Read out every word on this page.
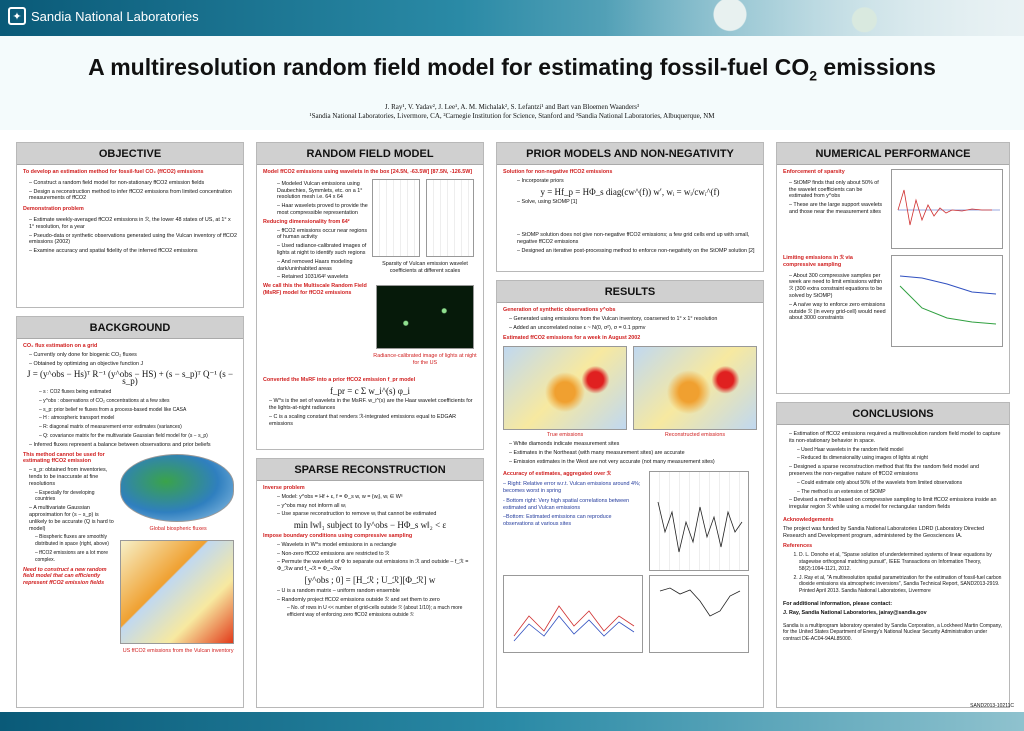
✦ Sandia National Laboratories
A multiresolution random field model for estimating fossil-fuel $CO_2$ emissions
J. Ray¹, V. Yadav², J. Lee¹, A. M. Michalak², S. Lefantzi¹ and Bart van Bloemen Waanders³
¹Sandia National Laboratories, Livermore, CA, ²Carnegie Institution for Science, Stanford and ³Sandia National Laboratories, Albuquerque, NM
OBJECTIVE
To develop an estimation method for fossil-fuel CO₂ (ffCO2) emissions
– Construct a random field model for non-stationary ffCO2 emission fields
– Design a reconstruction method to infer ffCO2 emissions from limited concentration measurements of ffCO2
Demonstration problem
– Estimate weekly-averaged ffCO2 emissions in ℛ, the lower 48 states of US, at 1° x 1° resolution, for a year
– Pseudo-data or synthetic observations generated using the Vulcan inventory of ffCO2 emissions (2002)
– Examine accuracy and spatial fidelity of the inferred ffCO2 emissions
BACKGROUND
CO₂ flux estimation on a grid
– Currently only done for biogenic CO₂ fluxes
– Obtained by optimizing an objective function J
J = (y^obs − Hs)ᵀ R⁻¹ (y^obs − HS) + (s − s_p)ᵀ Q⁻¹ (s − s_p)
– s : CO2 fluxes being estimated
– y^obs : observations of CO₂ concentrations at a few sites
– s_p: prior belief re fluxes from a process-based model like CASA
– H : atmospheric transport model
– R: diagonal matrix of measurement error estimates (variances)
– Q: covariance matrix for the multivariate Gaussian field model for (s − s_p)
– Inferred fluxes represent a balance between observations and prior beliefs
This method cannot be used for estimating ffCO2 emission
– s_p: obtained from inventories, tends to be inaccurate at fine resolutions
– Especially for developing countries
– A multivariate Gaussian approximation for (s − s_p) is unlikely to be accurate (Q is hard to model)
– Biospheric fluxes are smoothly distributed in space (right, above)
– ffCO2 emissions are a lot more complex.
Need to construct a new random field model that can efficiently represent ffCO2 emission fields
Global biospheric fluxes
US ffCO2 emissions from the Vulcan inventory
RANDOM FIELD MODEL
Model ffCO2 emissions using wavelets in the box [24.5N, -63.5W] [87.5N, -126.5W]
– Modeled Vulcan emissions using Daubechies, Symmlets, etc. on a 1° resolution mesh i.e. 64 x 64
– Haar wavelets proved to provide the most compressible representation
Reducing dimensionality from 64²
– ffCO2 emissions occur near regions of human activity
– Used radiance-calibrated images of lights at night to identify such regions
– And removed Haars modeling dark/uninhabited areas
– Retained 1031/64² wavelets
We call this the Multiscale Random Field (MsRF) model for ffCO2 emissions
Sparsity of Vulcan emission wavelet coefficients at different scales
Radiance-calibrated image of lights at night for the US
Converted the MsRF into a prior ffCO2 emission f_pr model
f_pr = c Σ w_i^(s) φ_i
– W^s is the set of wavelets in the MsRF. w_i^(s) are the Haar wavelet coefficients for the lights-at-night radiances
– C is a scaling constant that renders ℛ-integrated emissions equal to EDGAR emissions
SPARSE RECONSTRUCTION
Inverse problem
– Model: y^obs = Hf + ε, f = Φ_s w, w = {wᵢ}, wᵢ ∈ Wˢ
– y^obs may not inform all wᵢ
– Use sparse reconstruction to remove wᵢ that cannot be estimated
min ‖w‖₁ subject to ‖y^obs − HΦ_s w‖₂ < ε
Impose boundary conditions using compressive sampling
– Wavelets in W^s model emissions in a rectangle
– Non-zero ffCO2 emissions are restricted to ℛ
– Permute the wavelets of Φ to separate out emissions in ℛ and outside – f_ℛ = Φ_ℛw and f_¬ℛ = Φ_¬ℛw
[y^obs ; 0] = [H_ℛ ; U_ℛ][Φ_ℛ] w
– U is a random matrix – uniform random ensemble
– Randomly project ffCO2 emissions outside ℛ and set them to zero
– No. of rows in U << number of grid-cells outside ℛ (about 1/10); a much more efficient way of enforcing zero ffCO2 emissions outside ℛ
PRIOR MODELS AND NON-NEGATIVITY
Solution for non-negative ffCO2 emissions
– Incorporate priors
y = Hf_p = HΦ_s diag(cw^(f)) w′, wᵢ = wᵢ/cwᵢ^(f)
– Solve, using StOMP [1]
– StOMP solution does not give non-negative ffCO2 emissions; a few grid cells end up with small, negative ffCO2 emissions
– Designed an iterative post-processing method to enforce non-negativity on the StOMP solution [2]
RESULTS
Generation of synthetic observations y^obs
– Generated using emissions from the Vulcan inventory, coarsened to 1° x 1° resolution
– Added an uncorrelated noise ε ~ N(0, σ²), σ = 0.1 ppmv
Estimated ffCO2 emissions for a week in August 2002
True emissions	Reconstructed emissions
– White diamonds indicate measurement sites
– Estimates in the Northeast (with many measurement sites) are accurate
– Emission estimates in the West are not very accurate (not many measurement sites)
Accuracy of estimates, aggregated over ℛ
– Right: Relative error w.r.t. Vulcan emissions around 4%; becomes worst in spring
- Bottom right: Very high spatial correlations between estimated and Vulcan emissions
–Bottom: Estimated emissions can reproduce observations at various sites
NUMERICAL PERFORMANCE
Enforcement of sparsity
– StOMP finds that only about 50% of the wavelet coefficients can be estimated from y^obs
– These are the large support wavelets and those near the measurement sites
Limiting emissions in ℛ via compressive sampling
– About 300 compressive samples per week are need to limit emissions within ℛ (300 extra constraint equations to be solved by StOMP)
– A naïve way to enforce zero emissions outside ℛ (in every grid-cell) would need about 3000 constraints
CONCLUSIONS
– Estimation of ffCO2 emissions required a multiresolution random field model to capture its non-stationary behavior in space.
– Used Haar wavelets in the random field model
– Reduced its dimensionality using images of lights at night
– Designed a sparse reconstruction method that fits the random field model and preserves the non-negative nature of ffCO2 emissions
– Could estimate only about 50% of the wavelets from limited observations
– The method is an extension of StOMP
– Devised a method based on compressive sampling to limit ffCO2 emissions inside an irregular region ℛ while using a model for rectangular random fields
Acknowledgements
The project was funded by Sandia National Laboratories LDRD (Laboratory Directed Research and Development program, administered by the Geosciences IA.
References
1. D. L. Donoho et al, "Sparse solution of underdetermined systems of linear equations by stagewise orthogonal matching pursuit", IEEE Transactions on Information Theory, 58(2):1094-1121, 2012.
2. J. Ray et al, "A multiresolution spatial parametrization for the estimation of fossil-fuel carbon dioxide emissions via atmospheric inversions", Sandia Technical Report, SAND2013-2919. Printed April 2013. Sandia National Laboratories, Livermore
For additional information, please contact:
J. Ray, Sandia National Laboratories, jairay@sandia.gov
Sandia is a multiprogram laboratory operated by Sandia Corporation, a Lockheed Martin Company, for the United States Department of Energy's National Nuclear Security Administration under contract DE-AC04-94AL85000.
SAND2013-10211C
